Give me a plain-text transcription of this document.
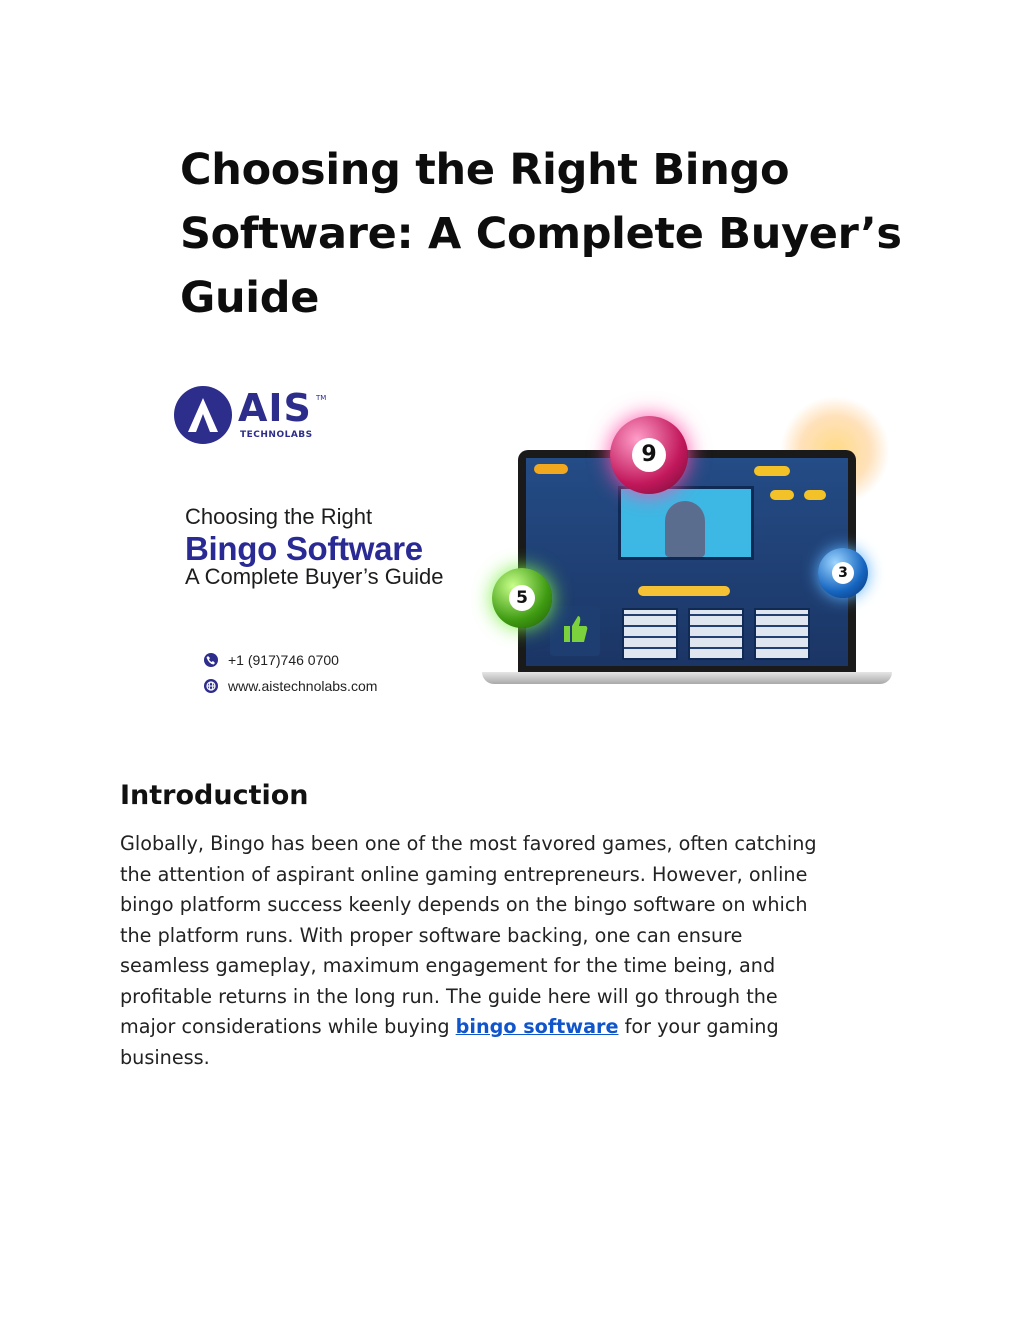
Choosing the Right Bingo
Software: A Complete Buyer’s
Guide
AIS TM
TECHNOLABS
Choosing the Right
Bingo Software
A Complete Buyer’s Guide
+1 (917)746 0700
www.aistechnolabs.com
9
5
3
Introduction
Globally, Bingo has been one of the most favored games, often catching
the attention of aspirant online gaming entrepreneurs. However, online
bingo platform success keenly depends on the bingo software on which
the platform runs. With proper software backing, one can ensure
seamless gameplay, maximum engagement for the time being, and
profitable returns in the long run. The guide here will go through the
major considerations while buying bingo software for your gaming
business.
